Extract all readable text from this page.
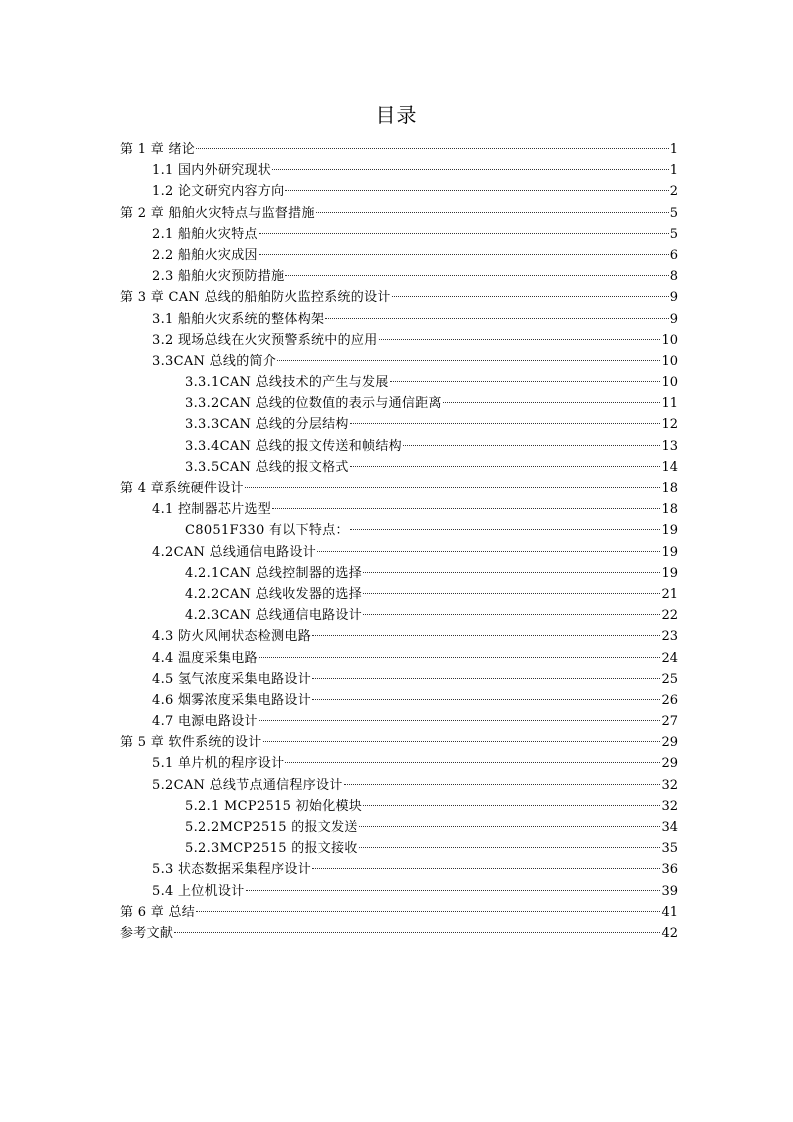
目录
第 1 章 绪论	1
1.1 国内外研究现状	1
1.2 论文研究内容方向	2
第 2 章 船舶火灾特点与监督措施	5
2.1 船舶火灾特点	5
2.2 船舶火灾成因	6
2.3 船舶火灾预防措施	8
第 3 章 CAN 总线的船舶防火监控系统的设计	9
3.1 船舶火灾系统的整体构架	9
3.2 现场总线在火灾预警系统中的应用	10
3.3CAN 总线的简介	10
3.3.1CAN 总线技术的产生与发展	10
3.3.2CAN 总线的位数值的表示与通信距离	11
3.3.3CAN 总线的分层结构	12
3.3.4CAN 总线的报文传送和帧结构	13
3.3.5CAN 总线的报文格式	14
第 4 章系统硬件设计	18
4.1 控制器芯片选型	18
C8051F330 有以下特点：	19
4.2CAN 总线通信电路设计	19
4.2.1CAN 总线控制器的选择	19
4.2.2CAN 总线收发器的选择	21
4.2.3CAN 总线通信电路设计	22
4.3 防火风闸状态检测电路	23
4.4 温度采集电路	24
4.5 氢气浓度采集电路设计	25
4.6 烟雾浓度采集电路设计	26
4.7 电源电路设计	27
第 5 章 软件系统的设计	29
5.1 单片机的程序设计	29
5.2CAN 总线节点通信程序设计	32
5.2.1 MCP2515 初始化模块	32
5.2.2MCP2515 的报文发送	34
5.2.3MCP2515 的报文接收	35
5.3 状态数据采集程序设计	36
5.4 上位机设计	39
第 6 章 总结	41
参考文献	42
